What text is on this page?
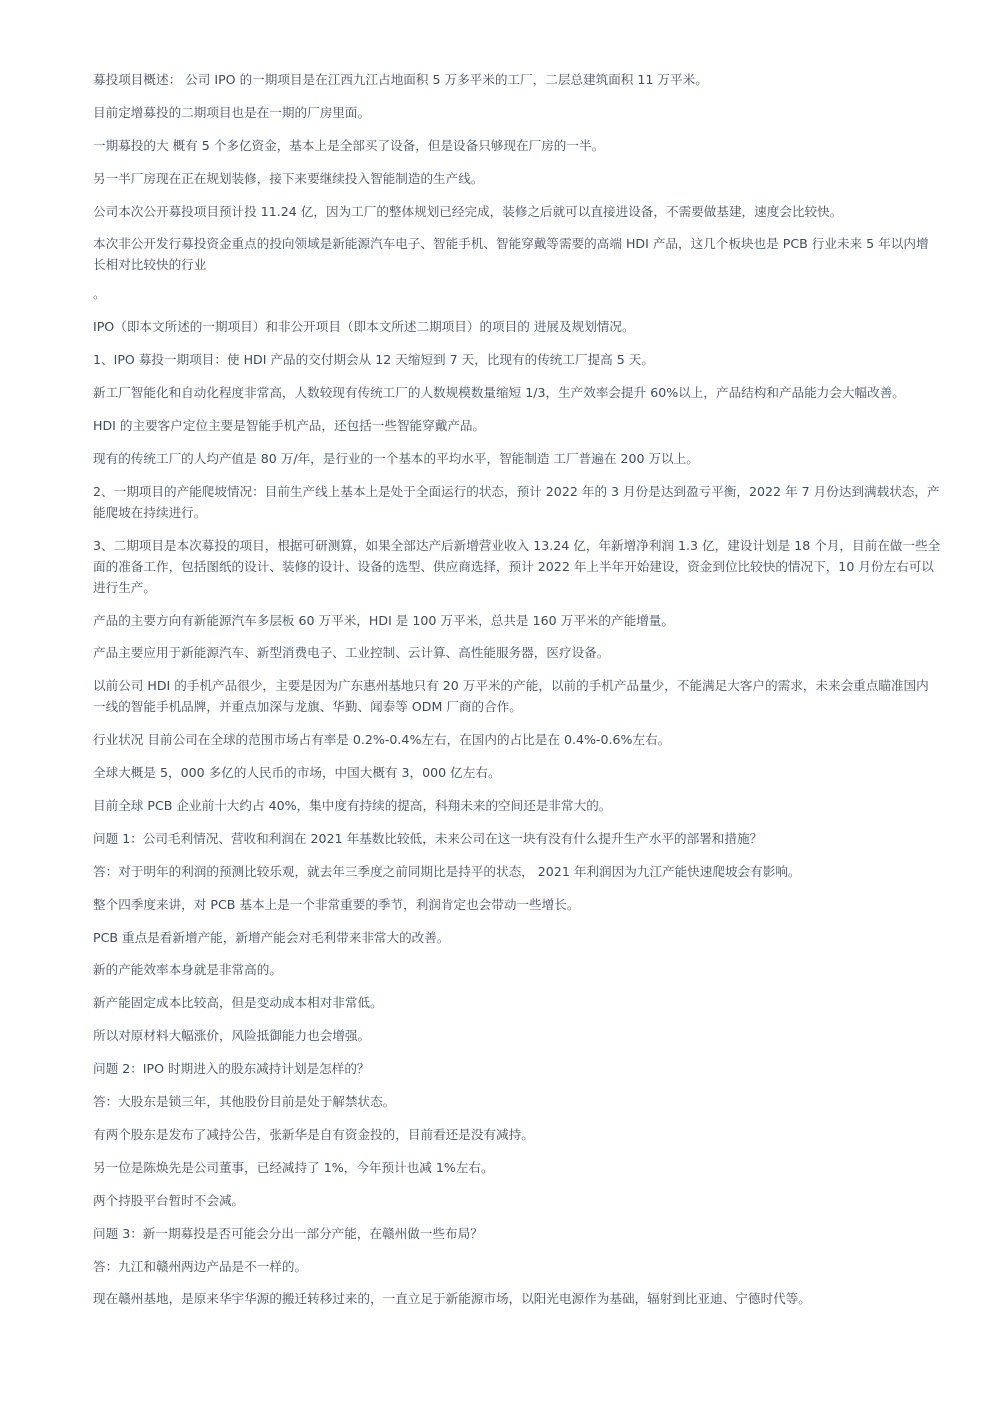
募投项目概述： 公司 IPO 的一期项目是在江西九江占地面积 5 万多平米的工厂，二层总建筑面积 11 万平米。

目前定增募投的二期项目也是在一期的厂房里面。

一期募投的大 概有 5 个多亿资金，基本上是全部买了设备，但是设备只够现在厂房的一半。

另一半厂房现在正在规划装修，接下来要继续投入智能制造的生产线。

公司本次公开募投项目预计投 11.24 亿，因为工厂的整体规划已经完成，装修之后就可以直接进设备，不需要做基建，速度会比较快。

本次非公开发行募投资金重点的投向领域是新能源汽车电子、智能手机、智能穿戴等需要的高端 HDI 产品，这几个板块也是 PCB 行业未来 5 年以内增长相对比较快的行业

。

IPO（即本文所述的一期项目）和非公开项目（即本文所述二期项目）的项目的 进展及规划情况。

1、IPO 募投一期项目：使 HDI 产品的交付期会从 12 天缩短到 7 天，比现有的传统工厂提高 5 天。

新工厂智能化和自动化程度非常高，人数较现有传统工厂的人数规模数量缩短 1/3，生产效率会提升 60%以上，产品结构和产品能力会大幅改善。

HDI 的主要客户定位主要是智能手机产品，还包括一些智能穿戴产品。

现有的传统工厂的人均产值是 80 万/年，是行业的一个基本的平均水平，智能制造 工厂普遍在 200 万以上。

2、一期项目的产能爬坡情况：目前生产线上基本上是处于全面运行的状态，预计 2022 年的 3 月份是达到盈亏平衡，2022 年 7 月份达到满载状态，产能爬坡在持续进行。

3、二期项目是本次募投的项目，根据可研测算，如果全部达产后新增营业收入 13.24 亿，年新增净利润 1.3 亿，建设计划是 18 个月，目前在做一些全面的准备工作，包括图纸的设计、装修的设计、设备的选型、供应商选择，预计 2022 年上半年开始建设，资金到位比较快的情况下，10 月份左右可以进行生产。

产品的主要方向有新能源汽车多层板 60 万平米，HDI 是 100 万平米，总共是 160 万平米的产能增量。

产品主要应用于新能源汽车、新型消费电子、工业控制、云计算、高性能服务器，医疗设备。

以前公司 HDI 的手机产品很少，主要是因为广东惠州基地只有 20 万平米的产能，以前的手机产品量少，不能满足大客户的需求，未来会重点瞄准国内一线的智能手机品牌，并重点加深与龙旗、华勤、闻泰等 ODM 厂商的合作。

行业状况 目前公司在全球的范围市场占有率是 0.2%-0.4%左右，在国内的占比是在 0.4%-0.6%左右。

全球大概是 5，000 多亿的人民币的市场，中国大概有 3，000 亿左右。

目前全球 PCB 企业前十大约占 40%，集中度有持续的提高，科翔未来的空间还是非常大的。

问题 1：公司毛利情况、营收和利润在 2021 年基数比较低，未来公司在这一块有没有什么提升生产水平的部署和措施？

答：对于明年的利润的预测比较乐观，就去年三季度之前同期比是持平的状态， 2021 年利润因为九江产能快速爬坡会有影响。

整个四季度来讲，对 PCB 基本上是一个非常重要的季节，利润肯定也会带动一些增长。

PCB 重点是看新增产能，新增产能会对毛利带来非常大的改善。

新的产能效率本身就是非常高的。

新产能固定成本比较高，但是变动成本相对非常低。

所以对原材料大幅涨价，风险抵御能力也会增强。

问题 2：IPO 时期进入的股东减持计划是怎样的？

答：大股东是锁三年，其他股份目前是处于解禁状态。

有两个股东是发布了减持公告，张新华是自有资金投的，目前看还是没有减持。

另一位是陈焕先是公司董事，已经减持了 1%，今年预计也减 1%左右。

两个持股平台暂时不会减。

问题 3：新一期募投是否可能会分出一部分产能，在赣州做一些布局？

答：九江和赣州两边产品是不一样的。

现在赣州基地，是原来华宇华源的搬迁转移过来的，一直立足于新能源市场，以阳光电源作为基础，辐射到比亚迪、宁德时代等。
